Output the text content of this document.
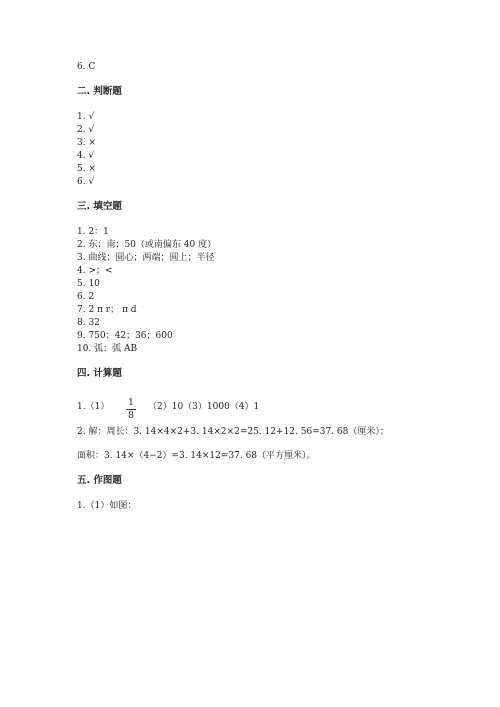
6. C
二. 判断题
1. √
2. √
3. ×
4. √
5. ×
6. √
三. 填空题
1. 2：1
2. 东；南；50（或南偏东 40 度）
3. 曲线；圆心；两端；圆上；半径
4. >；<
5. 10
6. 2
7. 2 π r； π d
8. 32
9. 750；42；36；600
10. 弧；弧 AB
四. 计算题
1.（1） 1
8
（2）10（3）1000（4）1
2. 解：周长：3. 14×4×2+3. 14×2×2=25. 12+12. 56=37. 68（厘米）；
面积：3. 14×（4−2）=3. 14×12=37. 68（平方厘米）。
五. 作图题
1.（1）如图：
